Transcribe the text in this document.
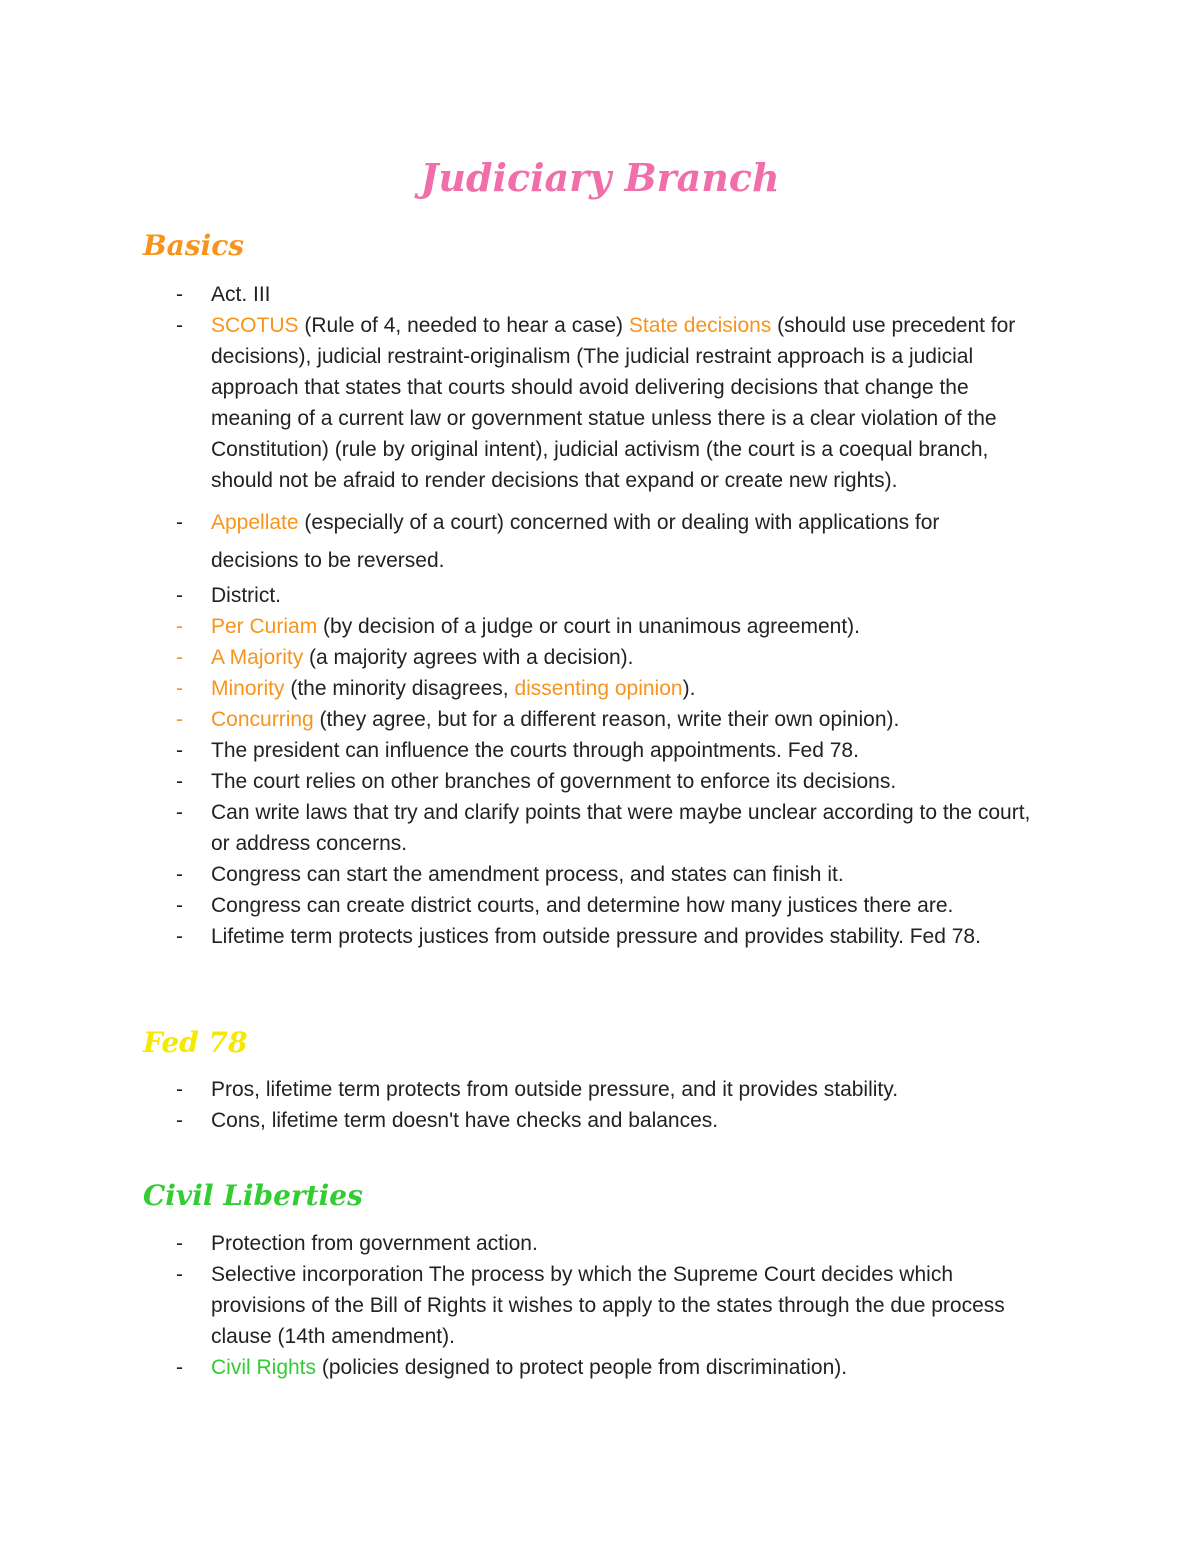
Judiciary Branch
Basics
- Act. III
- SCOTUS (Rule of 4, needed to hear a case) State decisions (should use precedent for decisions), judicial restraint-originalism (The judicial restraint approach is a judicial approach that states that courts should avoid delivering decisions that change the meaning of a current law or government statue unless there is a clear violation of the Constitution) (rule by original intent), judicial activism (the court is a coequal branch, should not be afraid to render decisions that expand or create new rights).
- Appellate (especially of a court) concerned with or dealing with applications for
decisions to be reversed.
- District.
- Per Curiam (by decision of a judge or court in unanimous agreement).
- A Majority (a majority agrees with a decision).
- Minority (the minority disagrees, dissenting opinion).
- Concurring (they agree, but for a different reason, write their own opinion).
- The president can influence the courts through appointments. Fed 78.
- The court relies on other branches of government to enforce its decisions.
- Can write laws that try and clarify points that were maybe unclear according to the court, or address concerns.
- Congress can start the amendment process, and states can finish it.
- Congress can create district courts, and determine how many justices there are.
- Lifetime term protects justices from outside pressure and provides stability. Fed 78.
Fed 78
- Pros, lifetime term protects from outside pressure, and it provides stability.
- Cons, lifetime term doesn't have checks and balances.
Civil Liberties
- Protection from government action.
- Selective incorporation The process by which the Supreme Court decides which provisions of the Bill of Rights it wishes to apply to the states through the due process clause (14th amendment).
- Civil Rights (policies designed to protect people from discrimination).
